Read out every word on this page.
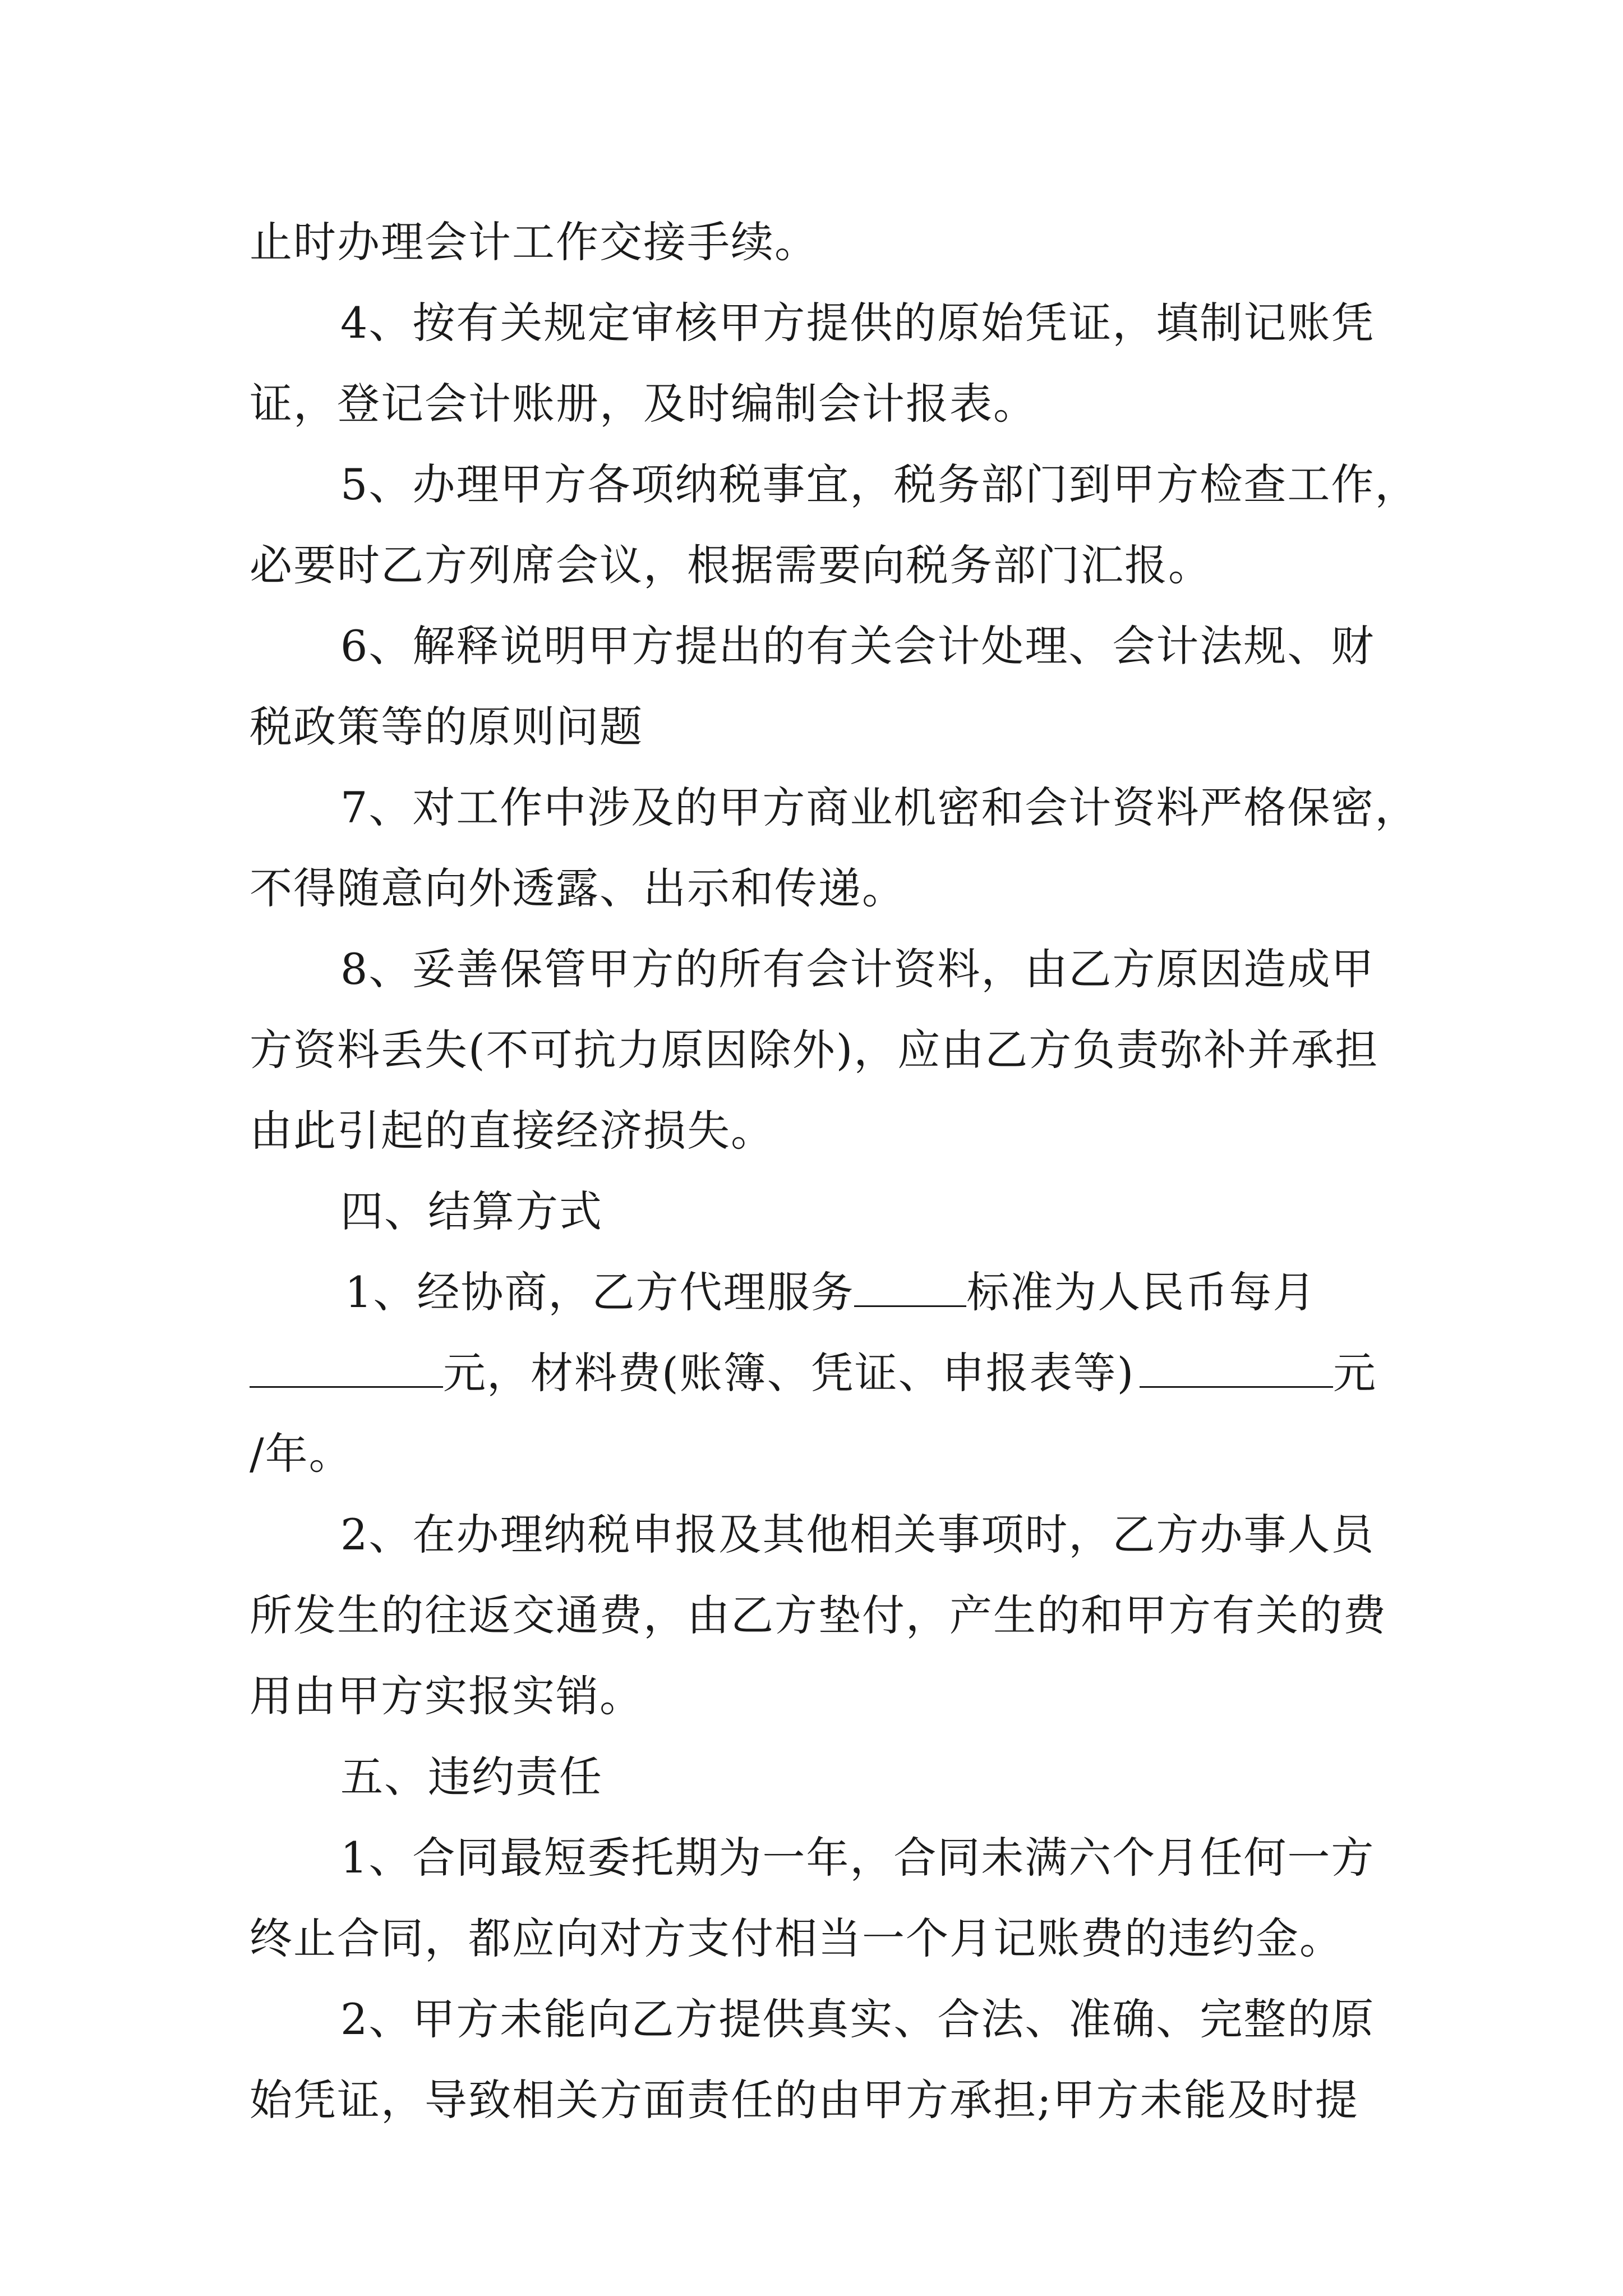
止时办理会计工作交接手续。
4、按有关规定审核甲方提供的原始凭证，填制记账凭
证，登记会计账册，及时编制会计报表。
5、办理甲方各项纳税事宜，税务部门到甲方检查工作，
必要时乙方列席会议，根据需要向税务部门汇报。
6、解释说明甲方提出的有关会计处理、会计法规、财
税政策等的原则问题
7、对工作中涉及的甲方商业机密和会计资料严格保密，
不得随意向外透露、出示和传递。
8、妥善保管甲方的所有会计资料，由乙方原因造成甲
方资料丢失(不可抗力原因除外)，应由乙方负责弥补并承担
由此引起的直接经济损失。
四、结算方式
1、经协商，乙方代理服务	标准为人民币每月
元，材料费(账簿、凭证、申报表等)	元
/年。
2、在办理纳税申报及其他相关事项时，乙方办事人员
所发生的往返交通费，由乙方垫付，产生的和甲方有关的费
用由甲方实报实销。
五、违约责任
1、合同最短委托期为一年，合同未满六个月任何一方
终止合同，都应向对方支付相当一个月记账费的违约金。
2、甲方未能向乙方提供真实、合法、准确、完整的原
始凭证，导致相关方面责任的由甲方承担;甲方未能及时提
